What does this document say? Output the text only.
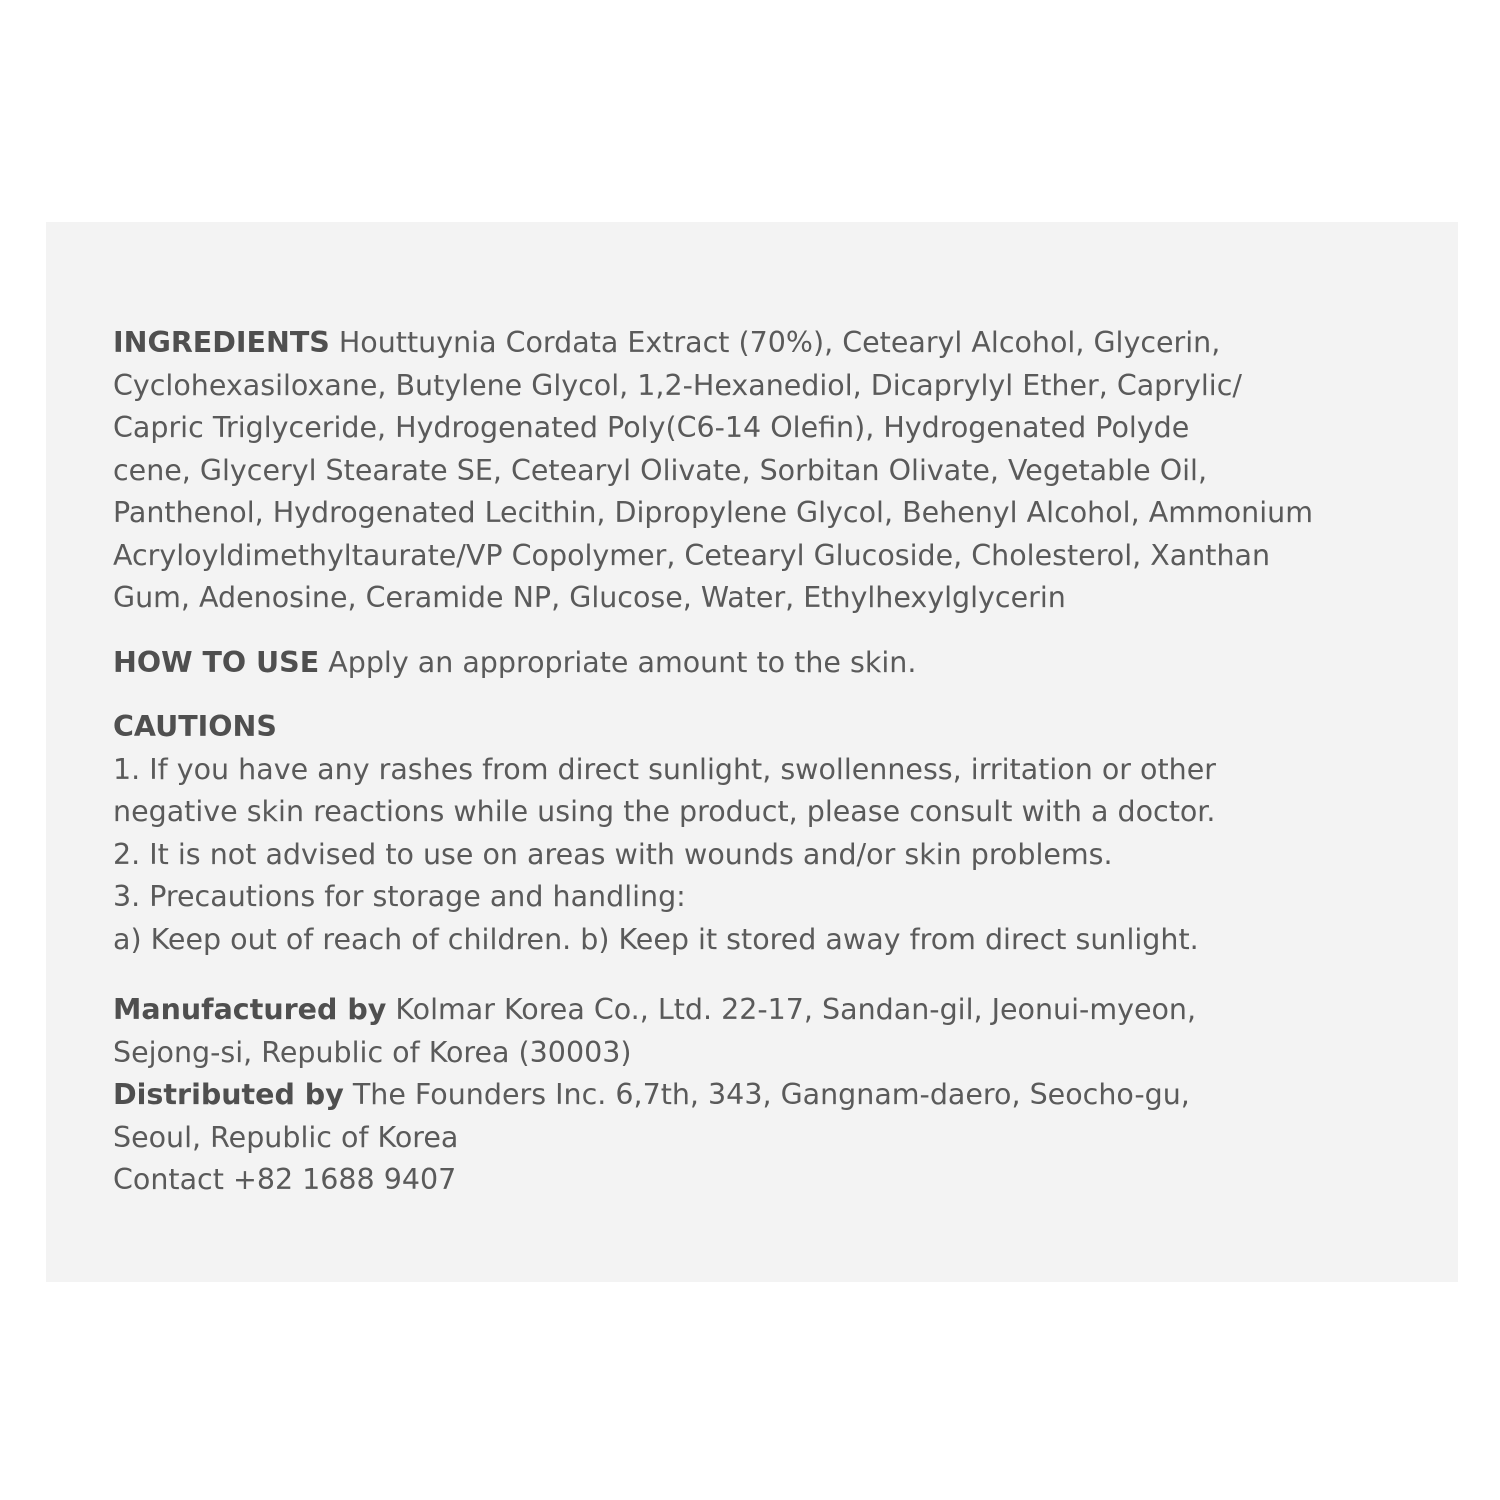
INGREDIENTS Houttuynia Cordata Extract (70%), Cetearyl Alcohol, Glycerin,
Cyclohexasiloxane, Butylene Glycol, 1,2-Hexanediol, Dicaprylyl Ether, Caprylic/
Capric Triglyceride, Hydrogenated Poly(C6-14 Olefin), Hydrogenated Polyde
cene, Glyceryl Stearate SE, Cetearyl Olivate, Sorbitan Olivate, Vegetable Oil,
Panthenol, Hydrogenated Lecithin, Dipropylene Glycol, Behenyl Alcohol, Ammonium
Acryloyldimethyltaurate/VP Copolymer, Cetearyl Glucoside, Cholesterol, Xanthan
Gum, Adenosine, Ceramide NP, Glucose, Water, Ethylhexylglycerin
HOW TO USE Apply an appropriate amount to the skin.
CAUTIONS
1. If you have any rashes from direct sunlight, swollenness, irritation or other
negative skin reactions while using the product, please consult with a doctor.
2. It is not advised to use on areas with wounds and/or skin problems.
3. Precautions for storage and handling:
a) Keep out of reach of children. b) Keep it stored away from direct sunlight.
Manufactured by Kolmar Korea Co., Ltd. 22-17, Sandan-gil, Jeonui-myeon,
Sejong-si, Republic of Korea (30003)
Distributed by The Founders Inc. 6,7th, 343, Gangnam-daero, Seocho-gu,
Seoul, Republic of Korea
Contact +82 1688 9407
